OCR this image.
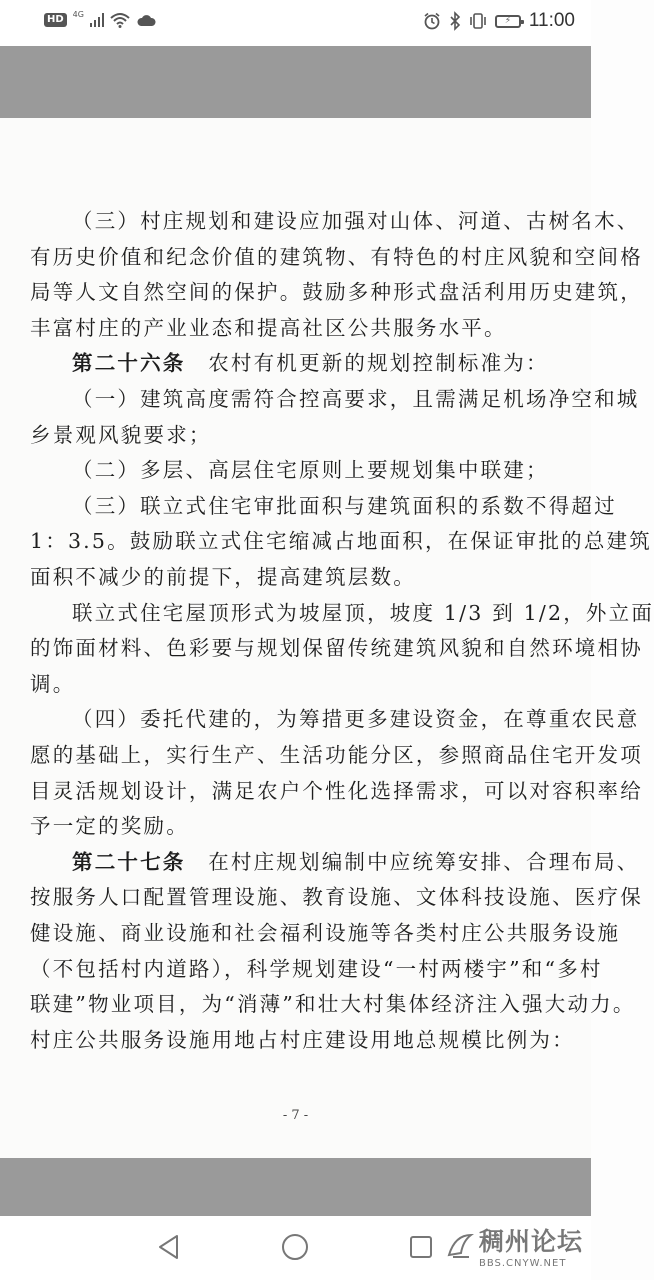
HD	4G
⚡ 11:00

（三）村庄规划和建设应加强对山体、河道、古树名木、

有历史价值和纪念价值的建筑物、有特色的村庄风貌和空间格

局等人文自然空间的保护。鼓励多种形式盘活利用历史建筑，

丰富村庄的产业业态和提高社区公共服务水平。

第二十六条　农村有机更新的规划控制标准为：

（一）建筑高度需符合控高要求，且需满足机场净空和城

乡景观风貌要求；

（二）多层、高层住宅原则上要规划集中联建；

（三）联立式住宅审批面积与建筑面积的系数不得超过

1：3.5。鼓励联立式住宅缩减占地面积，在保证审批的总建筑

面积不减少的前提下，提高建筑层数。

联立式住宅屋顶形式为坡屋顶，坡度 1/3 到 1/2，外立面

的饰面材料、色彩要与规划保留传统建筑风貌和自然环境相协

调。

（四）委托代建的，为筹措更多建设资金，在尊重农民意

愿的基础上，实行生产、生活功能分区，参照商品住宅开发项

目灵活规划设计，满足农户个性化选择需求，可以对容积率给

予一定的奖励。

第二十七条　在村庄规划编制中应统筹安排、合理布局、

按服务人口配置管理设施、教育设施、文体科技设施、医疗保

健设施、商业设施和社会福利设施等各类村庄公共服务设施

（不包括村内道路），科学规划建设“一村两楼宇”和“多村

联建”物业项目，为“消薄”和壮大村集体经济注入强大动力。

村庄公共服务设施用地占村庄建设用地总规模比例为：

- 7 -
稠州论坛
BBS.CNYW.NET
